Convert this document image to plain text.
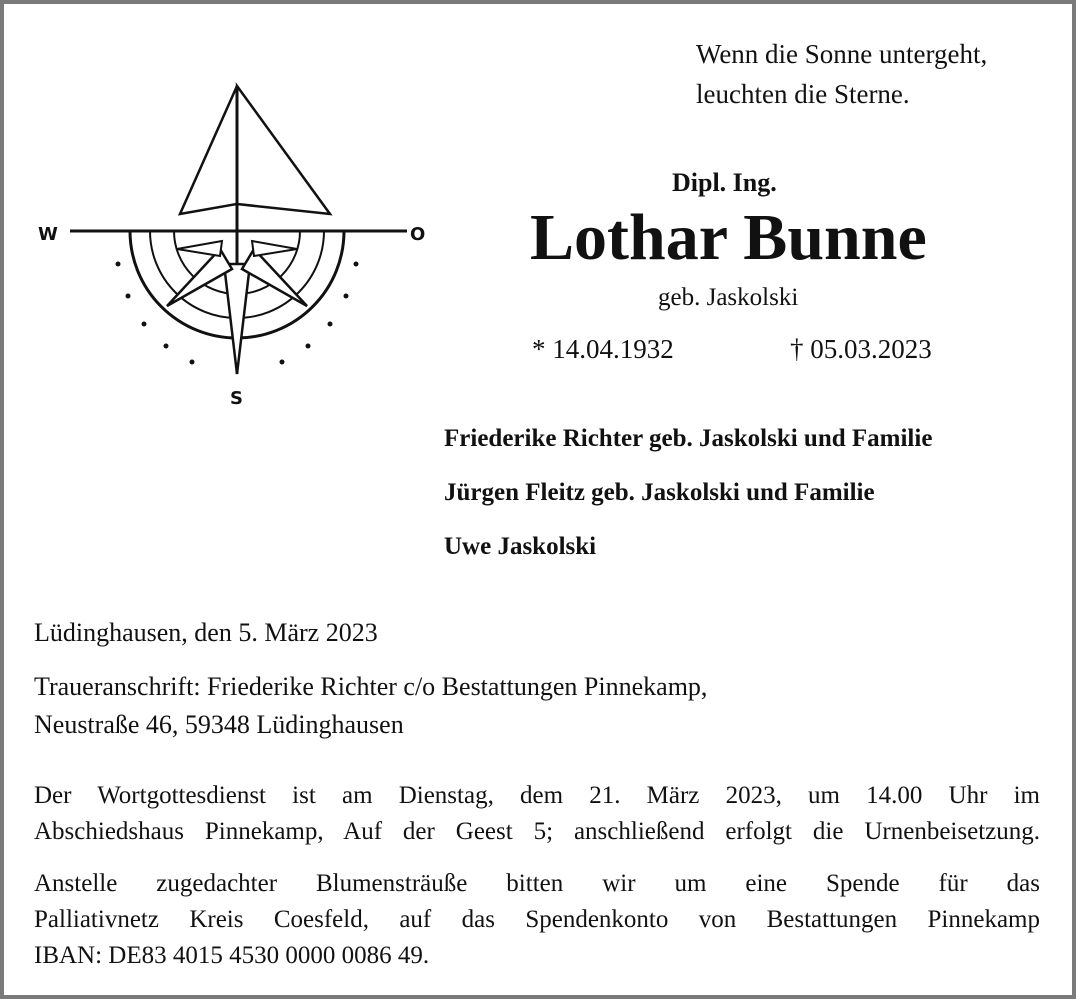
W	O
S
Wenn die Sonne untergeht,
leuchten die Sterne.
Dipl. Ing.
Lothar Bunne
geb. Jaskolski
* 14.04.1932	† 05.03.2023
Friederike Richter geb. Jaskolski und Familie
Jürgen Fleitz geb. Jaskolski und Familie
Uwe Jaskolski
Lüdinghausen, den 5. März 2023
Traueranschrift: Friederike Richter c/o Bestattungen Pinnekamp,
Neustraße 46, 59348 Lüdinghausen
Der Wortgottesdienst ist am Dienstag, dem 21. März 2023, um 14.00 Uhr im
Abschiedshaus Pinnekamp, Auf der Geest 5; anschließend erfolgt die Urnenbeisetzung.
Anstelle zugedachter Blumensträuße bitten wir um eine Spende für das
Palliativnetz Kreis Coesfeld, auf das Spendenkonto von Bestattungen Pinnekamp
IBAN: DE83 4015 4530 0000 0086 49.
